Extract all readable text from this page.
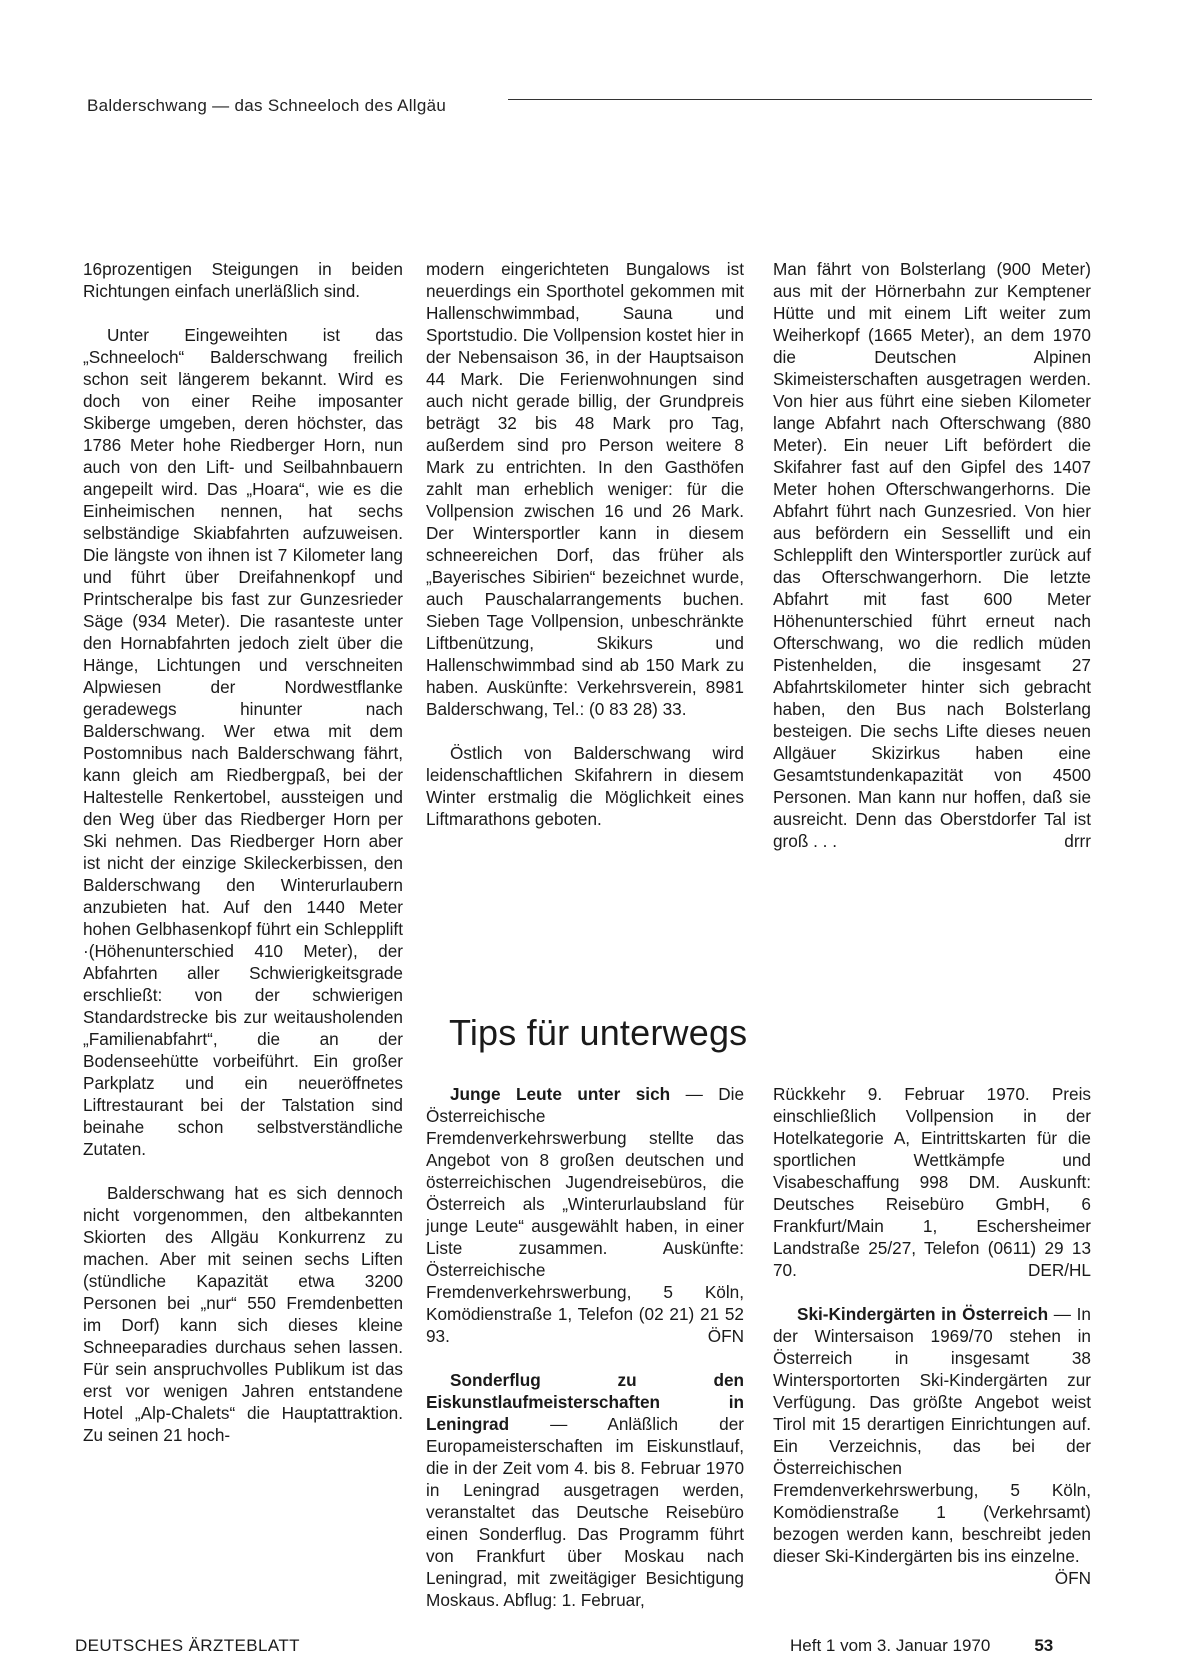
Balderschwang — das Schneeloch des Allgäu

16prozentigen Steigungen in beiden Richtungen einfach unerläßlich sind.

Unter Eingeweihten ist das „Schneeloch“ Balderschwang freilich schon seit längerem bekannt. Wird es doch von einer Reihe imposanter Skiberge umgeben, deren höchster, das 1786 Meter hohe Riedberger Horn, nun auch von den Lift- und Seilbahnbauern angepeilt wird. Das „Hoara“, wie es die Einheimischen nennen, hat sechs selbständige Skiabfahrten aufzuweisen. Die längste von ihnen ist 7 Kilometer lang und führt über Dreifahnenkopf und Printscheralpe bis fast zur Gunzesrieder Säge (934 Meter). Die rasanteste unter den Hornabfahrten jedoch zielt über die Hänge, Lichtungen und verschneiten Alpwiesen der Nordwestflanke geradewegs hinunter nach Balderschwang. Wer etwa mit dem Postomnibus nach Balderschwang fährt, kann gleich am Riedbergpaß, bei der Haltestelle Renkertobel, aussteigen und den Weg über das Riedberger Horn per Ski nehmen. Das Riedberger Horn aber ist nicht der einzige Skileckerbissen, den Balderschwang den Winterurlaubern anzubieten hat. Auf den 1440 Meter hohen Gelbhasenkopf führt ein Schlepplift ·(Höhenunterschied 410 Meter), der Abfahrten aller Schwierigkeitsgrade erschließt: von der schwierigen Standardstrecke bis zur weitausholenden „Familienabfahrt“, die an der Bodenseehütte vorbeiführt. Ein großer Parkplatz und ein neueröffnetes Liftrestaurant bei der Talstation sind beinahe schon selbstverständliche Zutaten.

Balderschwang hat es sich dennoch nicht vorgenommen, den altbekannten Skiorten des Allgäu Konkurrenz zu machen. Aber mit seinen sechs Liften (stündliche Kapazität etwa 3200 Personen bei „nur“ 550 Fremdenbetten im Dorf) kann sich dieses kleine Schneeparadies durchaus sehen lassen. Für sein anspruchvolles Publikum ist das erst vor wenigen Jahren entstandene Hotel „Alp-Chalets“ die Hauptattraktion. Zu seinen 21 hoch-

modern eingerichteten Bungalows ist neuerdings ein Sporthotel gekommen mit Hallenschwimmbad, Sauna und Sportstudio. Die Vollpension kostet hier in der Nebensaison 36, in der Hauptsaison 44 Mark. Die Ferienwohnungen sind auch nicht gerade billig, der Grundpreis beträgt 32 bis 48 Mark pro Tag, außerdem sind pro Person weitere 8 Mark zu entrichten. In den Gasthöfen zahlt man erheblich weniger: für die Vollpension zwischen 16 und 26 Mark. Der Wintersportler kann in diesem schneereichen Dorf, das früher als „Bayerisches Sibirien“ bezeichnet wurde, auch Pauschalarrangements buchen. Sieben Tage Vollpension, unbeschränkte Liftbenützung, Skikurs und Hallenschwimmbad sind ab 150 Mark zu haben. Auskünfte: Verkehrsverein, 8981 Balderschwang, Tel.: (0 83 28) 33.

Östlich von Balderschwang wird leidenschaftlichen Skifahrern in diesem Winter erstmalig die Möglichkeit eines Liftmarathons geboten.

Man fährt von Bolsterlang (900 Meter) aus mit der Hörnerbahn zur Kemptener Hütte und mit einem Lift weiter zum Weiherkopf (1665 Meter), an dem 1970 die Deutschen Alpinen Skimeisterschaften ausgetragen werden. Von hier aus führt eine sieben Kilometer lange Abfahrt nach Ofterschwang (880 Meter). Ein neuer Lift befördert die Skifahrer fast auf den Gipfel des 1407 Meter hohen Ofterschwangerhorns. Die Abfahrt führt nach Gunzesried. Von hier aus befördern ein Sessellift und ein Schlepplift den Wintersportler zurück auf das Ofterschwangerhorn. Die letzte Abfahrt mit fast 600 Meter Höhenunterschied führt erneut nach Ofterschwang, wo die redlich müden Pistenhelden, die insgesamt 27 Abfahrtskilometer hinter sich gebracht haben, den Bus nach Bolsterlang besteigen. Die sechs Lifte dieses neuen Allgäuer Skizirkus haben eine Gesamtstundenkapazität von 4500 Personen. Man kann nur hoffen, daß sie ausreicht. Denn das Oberstdorfer Tal ist groß . . .	drrr

Tips für unterwegs

Junge Leute unter sich — Die Österreichische Fremdenverkehrswerbung stellte das Angebot von 8 großen deutschen und österreichischen Jugendreisebüros, die Österreich als „Winterurlaubsland für junge Leute“ ausgewählt haben, in einer Liste zusammen. Auskünfte: Österreichische Fremdenverkehrswerbung, 5 Köln, Komödienstraße 1, Telefon (02 21) 21 52 93.	ÖFN

Sonderflug zu den Eiskunstlaufmeisterschaften in Leningrad — Anläßlich der Europameisterschaften im Eiskunstlauf, die in der Zeit vom 4. bis 8. Februar 1970 in Leningrad ausgetragen werden, veranstaltet das Deutsche Reisebüro einen Sonderflug. Das Programm führt von Frankfurt über Moskau nach Leningrad, mit zweitägiger Besichtigung Moskaus. Abflug: 1. Februar,

Rückkehr 9. Februar 1970. Preis einschließlich Vollpension in der Hotelkategorie A, Eintrittskarten für die sportlichen Wettkämpfe und Visabeschaffung 998 DM. Auskunft: Deutsches Reisebüro GmbH, 6 Frankfurt/Main 1, Eschersheimer Landstraße 25/27, Telefon (0611) 29 13 70.	DER/HL

Ski-Kindergärten in Österreich — In der Wintersaison 1969/70 stehen in Österreich in insgesamt 38 Wintersportorten Ski-Kindergärten zur Verfügung. Das größte Angebot weist Tirol mit 15 derartigen Einrichtungen auf. Ein Verzeichnis, das bei der Österreichischen Fremdenverkehrswerbung, 5 Köln, Komödienstraße 1 (Verkehrsamt) bezogen werden kann, beschreibt jeden dieser Ski-Kindergärten bis ins einzelne.
ÖFN

DEUTSCHES ÄRZTEBLATT	Heft 1 vom 3. Januar 1970	53
